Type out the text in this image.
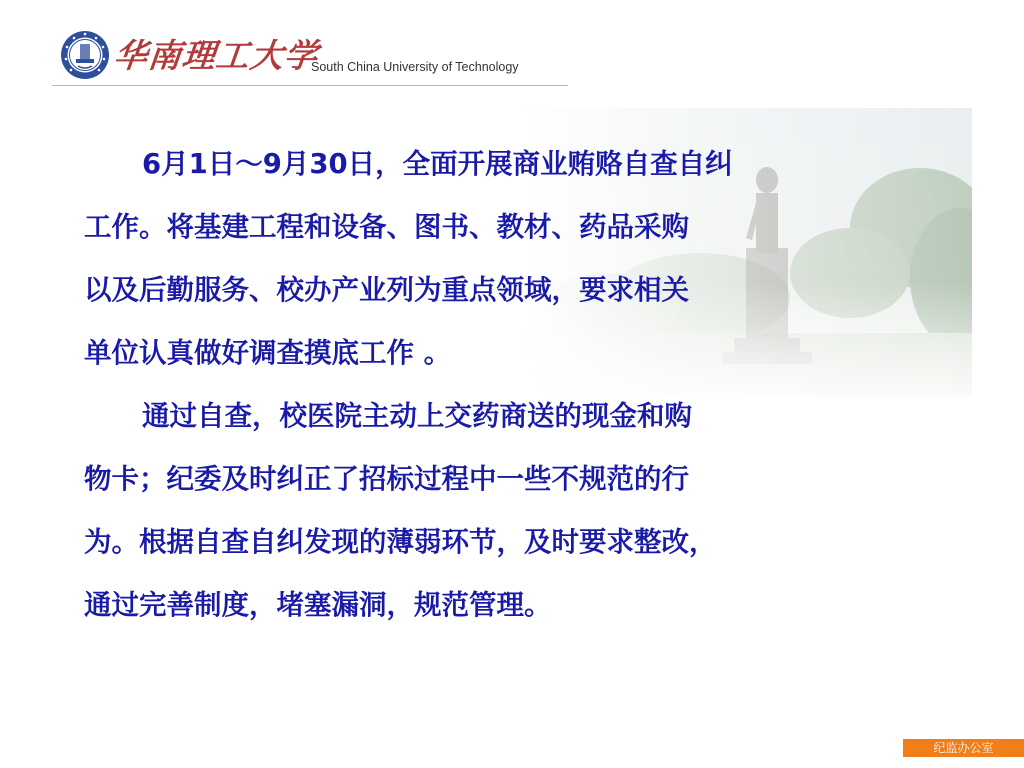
华南理工大学
South China University of Technology
6月1日～9月30日，全面开展商业贿赂自查自纠
工作。将基建工程和设备、图书、教材、药品采购
以及后勤服务、校办产业列为重点领域，要求相关
单位认真做好调查摸底工作 。
通过自查，校医院主动上交药商送的现金和购
物卡；纪委及时纠正了招标过程中一些不规范的行
为。根据自查自纠发现的薄弱环节，及时要求整改，
通过完善制度，堵塞漏洞，规范管理。
纪监办公室
